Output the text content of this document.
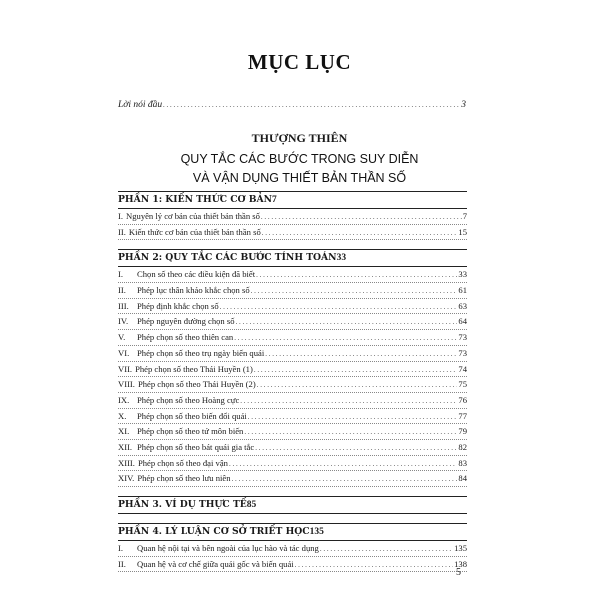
MỤC LỤC
Lời nói đầu . . .	3
THƯỢNG THIÊN
QUY TẮC CÁC BƯỚC TRONG SUY DIỄN
VÀ VẬN DỤNG THIẾT BẢN THẦN SỐ
PHẦN 1: KIẾN THỨC CƠ BẢN 7
I. Nguyên lý cơ bản của thiết bản thần số . . .	7
II. Kiến thức cơ bản của thiết bản thần số . . .	15
PHẦN 2: QUY TẮC CÁC BƯỚC TÍNH TOÁN 33
I.	Chọn số theo các điều kiện đã biết . . .	33
II.	Phép lục thân khảo khắc chọn số . . .	61
III. Phép định khắc chọn số . . .	63
IV.	Phép nguyên đường chọn số . . .	64
V.	Phép chọn số theo thiên can . . .	73
VI. Phép chọn số theo trụ ngày biến quái . . .	73
VII. Phép chọn số theo Thái Huyền (1) . . .	74
VIII. Phép chọn số theo Thái Huyền (2) . . .	75
IX. Phép chọn số theo Hoàng cực . . .	76
X.	Phép chọn số theo biến đổi quái . . .	77
XI. Phép chọn số theo tứ môn biến . . .	79
XII. Phép chọn số theo bát quái gia tắc . . .	82
XIII. Phép chọn số theo đại vận . . .	83
XIV. Phép chọn số theo lưu niên . . .	84
PHẦN 3. VÍ DỤ THỰC TẾ 85
PHẦN 4. LÝ LUẬN CƠ SỞ TRIẾT HỌC 135
I.	Quan hệ nội tại và bên ngoài của lục hào và tác dụng . . .	135
II.	Quan hệ và cơ chế giữa quái gốc và biến quái . . .	138
5
